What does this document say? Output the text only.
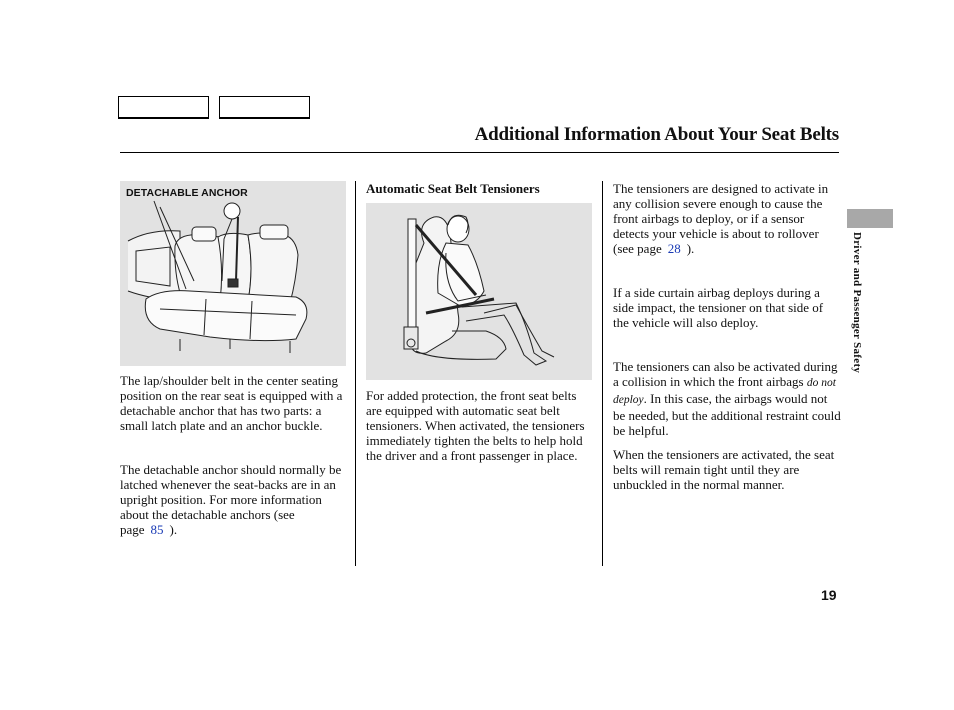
Additional Information About Your Seat Belts
DETACHABLE ANCHOR

The lap/shoulder belt in the center seating position on the rear seat is equipped with a detachable anchor that has two parts: a small latch plate and an anchor buckle.

The detachable anchor should normally be latched whenever the seat-backs are in an upright position. For more information about the detachable anchors (see page 85 ).

Automatic Seat Belt Tensioners

For added protection, the front seat belts are equipped with automatic seat belt tensioners. When activated, the tensioners immediately tighten the belts to help hold the driver and a front passenger in place.

The tensioners are designed to activate in any collision severe enough to cause the front airbags to deploy, or if a sensor detects your vehicle is about to rollover (see page 28 ).

If a side curtain airbag deploys during a side impact, the tensioner on that side of the vehicle will also deploy.

The tensioners can also be activated during a collision in which the front airbags do not deploy. In this case, the airbags would not be needed, but the additional restraint could be helpful.

When the tensioners are activated, the seat belts will remain tight until they are unbuckled in the normal manner.

Driver and Passenger Safety
19
